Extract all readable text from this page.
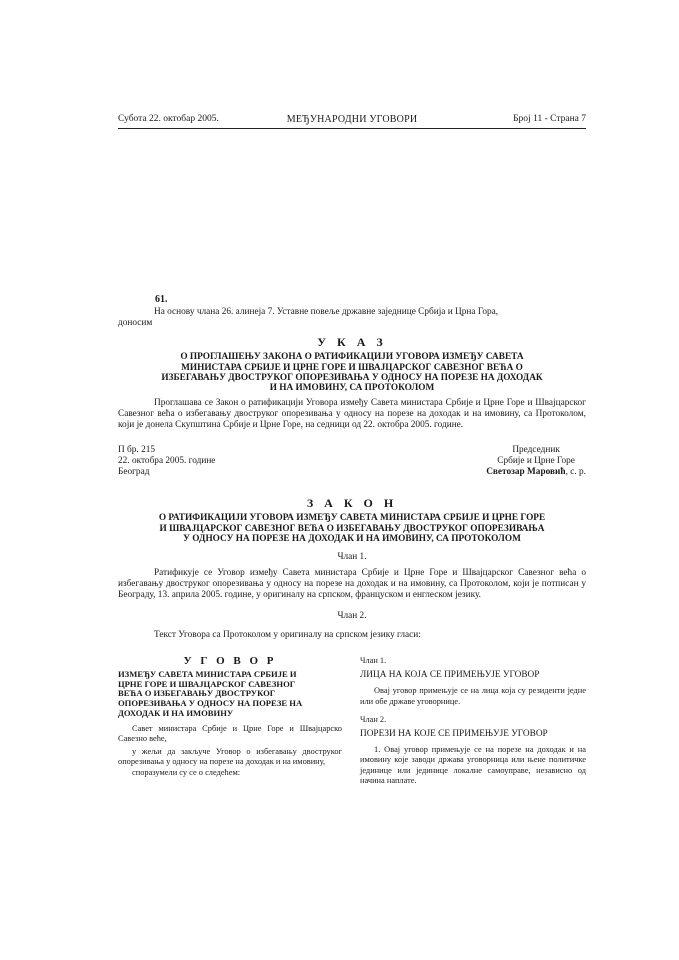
Субота 22. октобар 2005.	МЕЂУНАРОДНИ УГОВОРИ	Број 11 - Страна 7
61.

На основу члана 26. алинеја 7. Уставне повеље државне заједнице Србија и Црна Гора,

доносим

У К А З

О ПРОГЛАШЕЊУ ЗАКОНА О РАТИФИКАЦИЈИ УГОВОРА ИЗМЕЂУ САВЕТА

МИНИСТАРА СРБИЈЕ И ЦРНЕ ГОРЕ И ШВАЈЦАРСКОГ САВЕЗНОГ ВЕЋА О

ИЗБЕГАВАЊУ ДВОСТРУКОГ ОПОРЕЗИВАЊА У ОДНОСУ НА ПОРЕЗЕ НА ДОХОДАК

И НА ИМОВИНУ, СА ПРОТОКОЛОМ

Проглашава се Закон о ратификацији Уговора између Савета министара Србије и Црне Горе и Швајцарског Савезног већа о избегавању двоструког опорезивања у односу на порезе на доходак и на имовину, са Протоколом, који је донела Скупштина Србије и Црне Горе, на седници од 22. октобра 2005. године.

П бр. 215

22. октобра 2005. године

Београд

Председник

Србије и Црне Горе

Светозар Маровић, с. р.

З А К О Н

О РАТИФИКАЦИЈИ УГОВОРА ИЗМЕЂУ САВЕТА МИНИСТАРА СРБИЈЕ И ЦРНЕ ГОРЕ

И ШВАЈЦАРСКОГ САВЕЗНОГ ВЕЋА О ИЗБЕГАВАЊУ ДВОСТРУКОГ ОПОРЕЗИВАЊА

У ОДНОСУ НА ПОРЕЗЕ НА ДОХОДАК И НА ИМОВИНУ, СА ПРОТОКОЛОМ

Члан 1.

Ратификује се Уговор између Савета министара Србије и Црне Горе и Швајцарског Савезног већа о избегавању двоструког опорезивања у односу на порезе на доходак и на имовину, са Протоколом, који је потписан у Београду, 13. априла 2005. године, у оригиналу на српском, француском и енглеском језику.

Члан 2.

Текст Уговора са Протоколом у оригиналу на српском језику гласи:

У Г О В О Р

ИЗМЕЂУ САВЕТА МИНИСТАРА СРБИЈЕ И

ЦРНЕ ГОРЕ И ШВАЈЦАРСКОГ САВЕЗНОГ

ВЕЋА О ИЗБЕГАВАЊУ ДВОСТРУКОГ

ОПОРЕЗИВАЊА У ОДНОСУ НА ПОРЕЗЕ НА

ДОХОДАК И НА ИМОВИНУ

Савет министара Србије и Црне Горе и Швајцарско Савезно веће,

у жељи да закључе Уговор о избегавању двоструког опорезивања у односу на порезе на доходак и на имовину,

споразумели су се о следећем:

Члан 1.

ЛИЦА НА КОЈА СЕ ПРИМЕЊУЈЕ УГОВОР

Овај уговор примењује се на лица која су резиденти једне или обе државе уговорнице.

Члан 2.

ПОРЕЗИ НА КОЈЕ СЕ ПРИМЕЊУЈЕ УГОВОР

1. Овај уговор примењује се на порезе на доходак и на имовину које заводи држава уговорница или њене политичке јединице или јединице локалне самоуправе, независно од начина наплате.
